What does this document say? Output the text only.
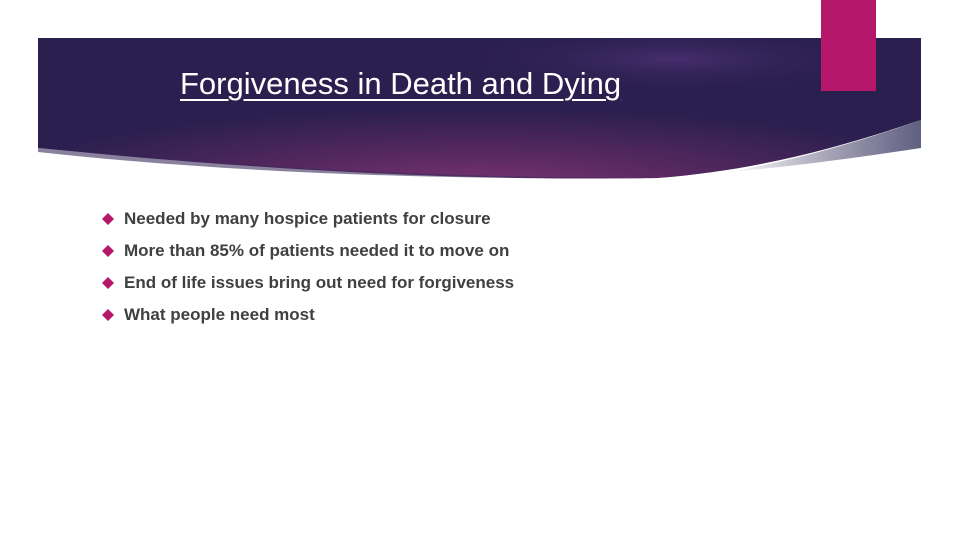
Forgiveness in Death and Dying
Needed by many hospice patients for closure
More than 85% of patients needed it to move on
End of life issues bring out need for forgiveness
What people need most
